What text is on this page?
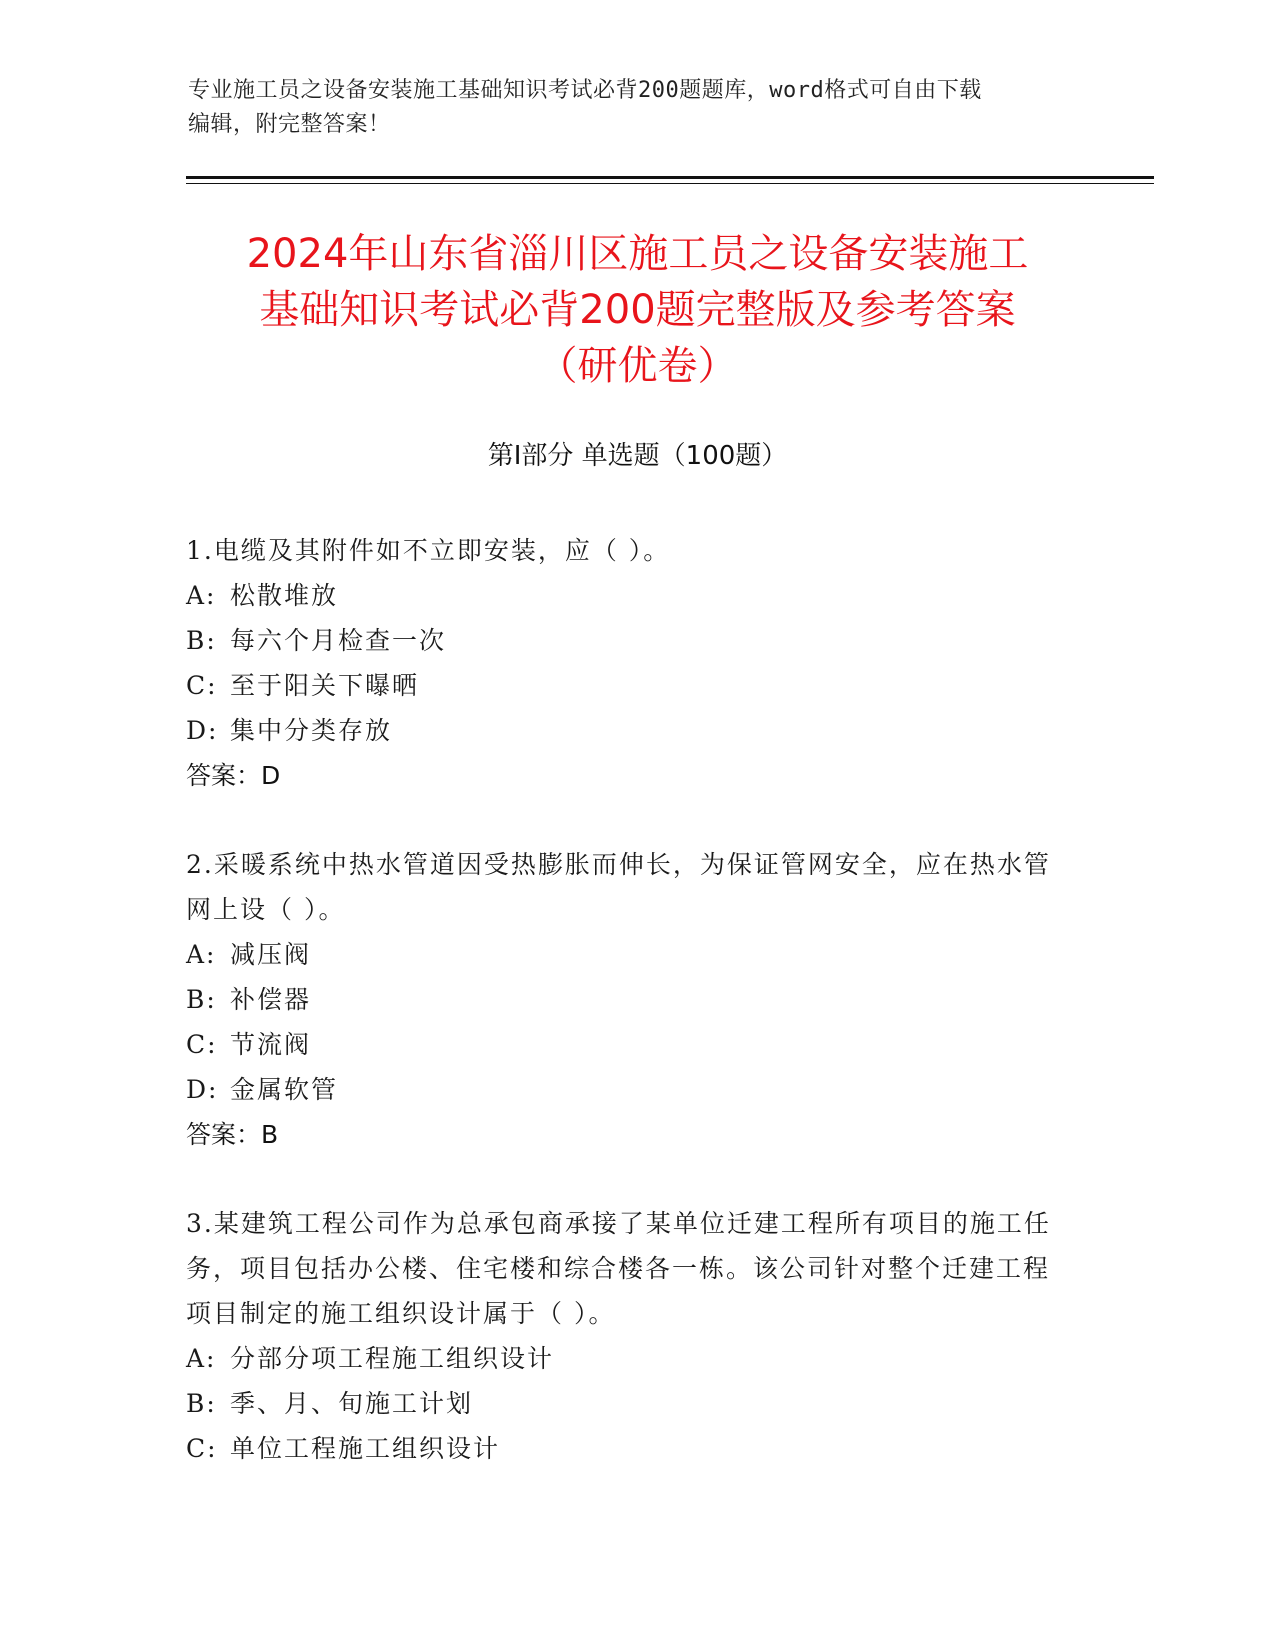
专业施工员之设备安装施工基础知识考试必背200题题库，word格式可自由下载
编辑，附完整答案！
2024年山东省淄川区施工员之设备安装施工
基础知识考试必背200题完整版及参考答案
（研优卷）
第Ⅰ部分 单选题（100题）
1.电缆及其附件如不立即安装，应（ ）。
A: 松散堆放
B: 每六个月检查一次
C: 至于阳关下曝晒
D: 集中分类存放
答案：D
2.采暖系统中热水管道因受热膨胀而伸长，为保证管网安全，应在热水管网上设（ ）。
A: 减压阀
B: 补偿器
C: 节流阀
D: 金属软管
答案：B
3.某建筑工程公司作为总承包商承接了某单位迁建工程所有项目的施工任务，项目包括办公楼、住宅楼和综合楼各一栋。该公司针对整个迁建工程项目制定的施工组织设计属于（ ）。
A: 分部分项工程施工组织设计
B: 季、月、旬施工计划
C: 单位工程施工组织设计
